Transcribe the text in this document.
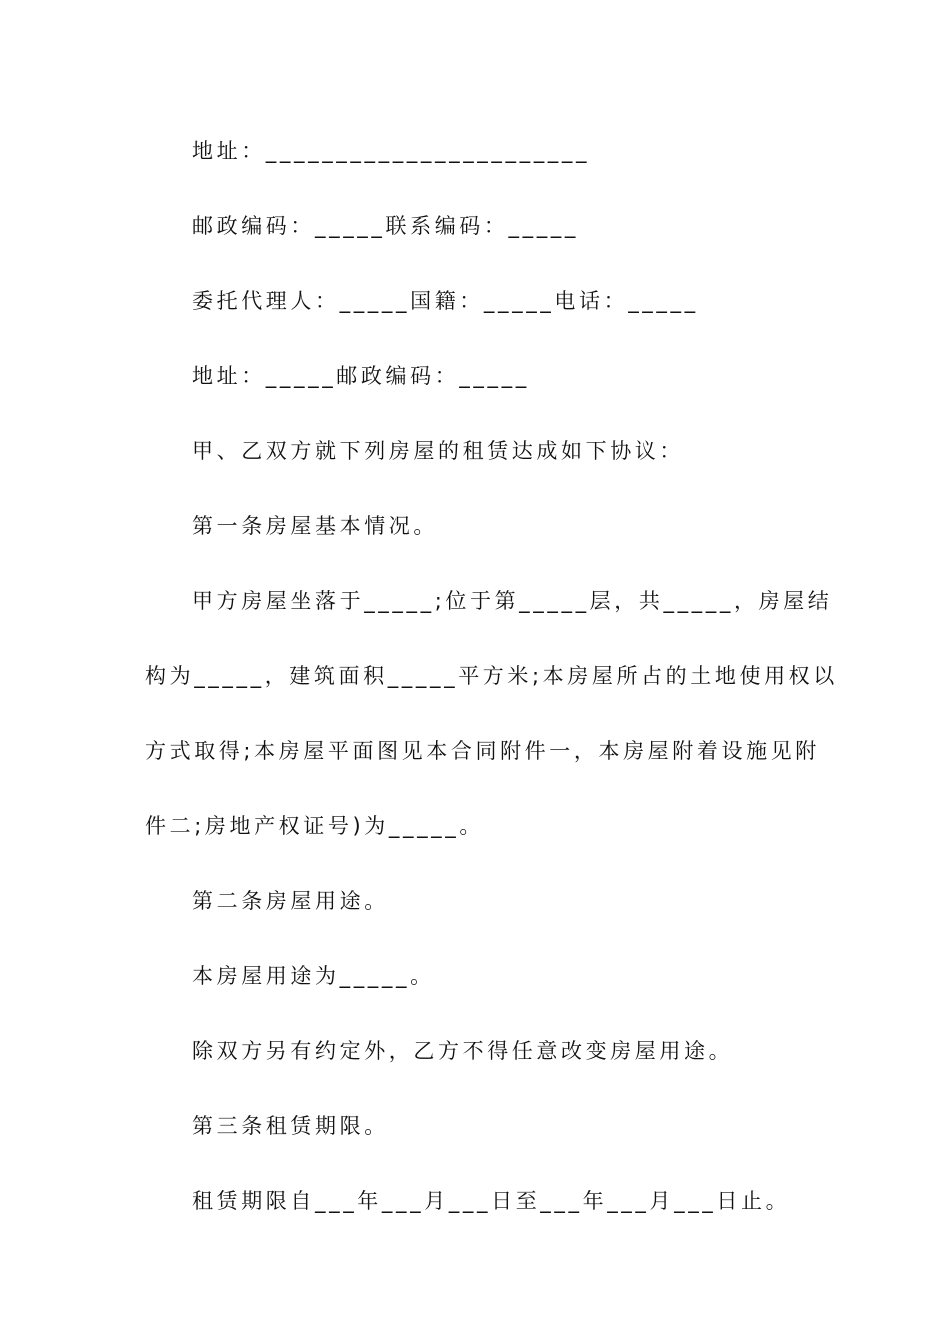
地址：_______________________
邮政编码：_____联系编码：_____
委托代理人：_____国籍：_____电话：_____
地址：_____邮政编码：_____
甲、乙双方就下列房屋的租赁达成如下协议：
第一条房屋基本情况。
甲方房屋坐落于_____;位于第_____层，共_____，房屋结
构为_____，建筑面积_____平方米;本房屋所占的土地使用权以
方式取得;本房屋平面图见本合同附件一，本房屋附着设施见附
件二;房地产权证号)为_____。
第二条房屋用途。
本房屋用途为_____。
除双方另有约定外，乙方不得任意改变房屋用途。
第三条租赁期限。
租赁期限自___年___月___日至___年___月___日止。
